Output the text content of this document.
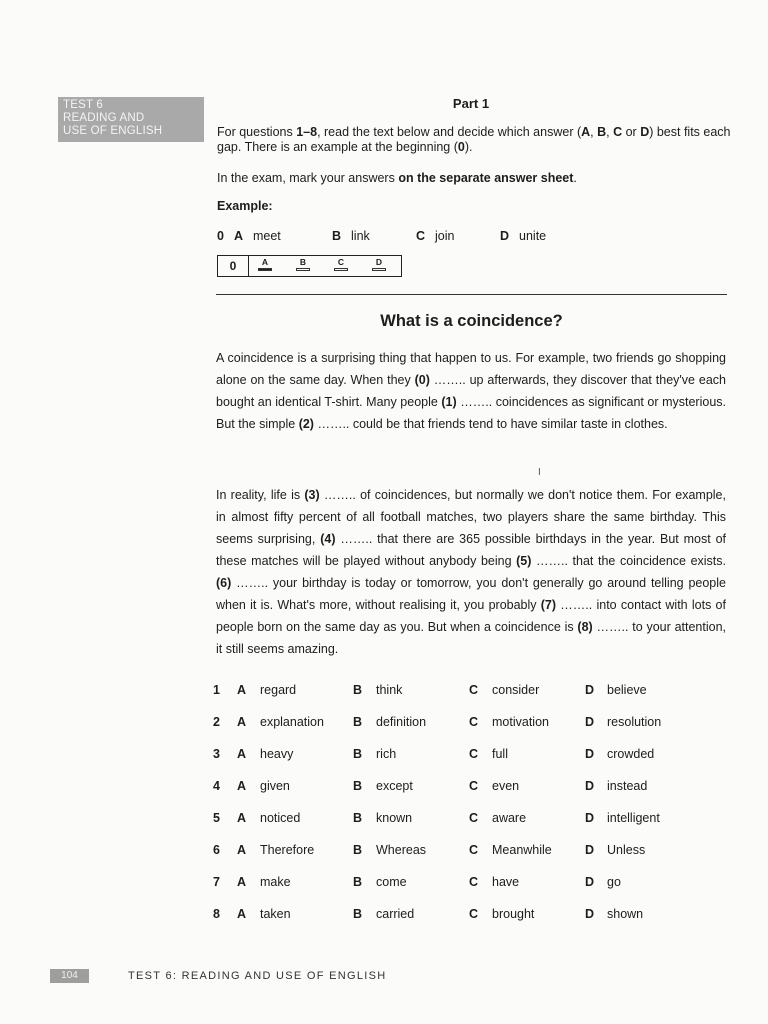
TEST 6
READING AND
USE OF ENGLISH
Part 1
For questions 1–8, read the text below and decide which answer (A, B, C or D) best fits each gap. There is an example at the beginning (0).
In the exam, mark your answers on the separate answer sheet.
Example:
0 A meet	B link	C join	D unite
0	A	B	C	D
What is a coincidence?
A coincidence is a surprising thing that happen to us. For example, two friends go shopping alone on the same day. When they (0) …….. up afterwards, they discover that they've each bought an identical T-shirt. Many people (1) …….. coincidences as significant or mysterious. But the simple (2) …….. could be that friends tend to have similar taste in clothes.
I
In reality, life is (3) …….. of coincidences, but normally we don't notice them. For example, in almost fifty percent of all football matches, two players share the same birthday. This seems surprising, (4) …….. that there are 365 possible birthdays in the year. But most of these matches will be played without anybody being (5) …….. that the coincidence exists. (6) …….. your birthday is today or tomorrow, you don't generally go around telling people when it is. What's more, without realising it, you probably (7) …….. into contact with lots of people born on the same day as you. But when a coincidence is (8) …….. to your attention, it still seems amazing.
1 A regard	B think	C consider	D believe
2 A explanation B definition	C motivation	D resolution
3 A heavy	B rich	C full	D crowded
4 A given	B except	C even	D instead
5 A noticed	B known	C aware	D intelligent
6 A Therefore	B Whereas	C Meanwhile	D Unless
7 A make	B come	C have	D go
8 A taken	B carried	C brought	D shown
104	TEST 6: READING AND USE OF ENGLISH
